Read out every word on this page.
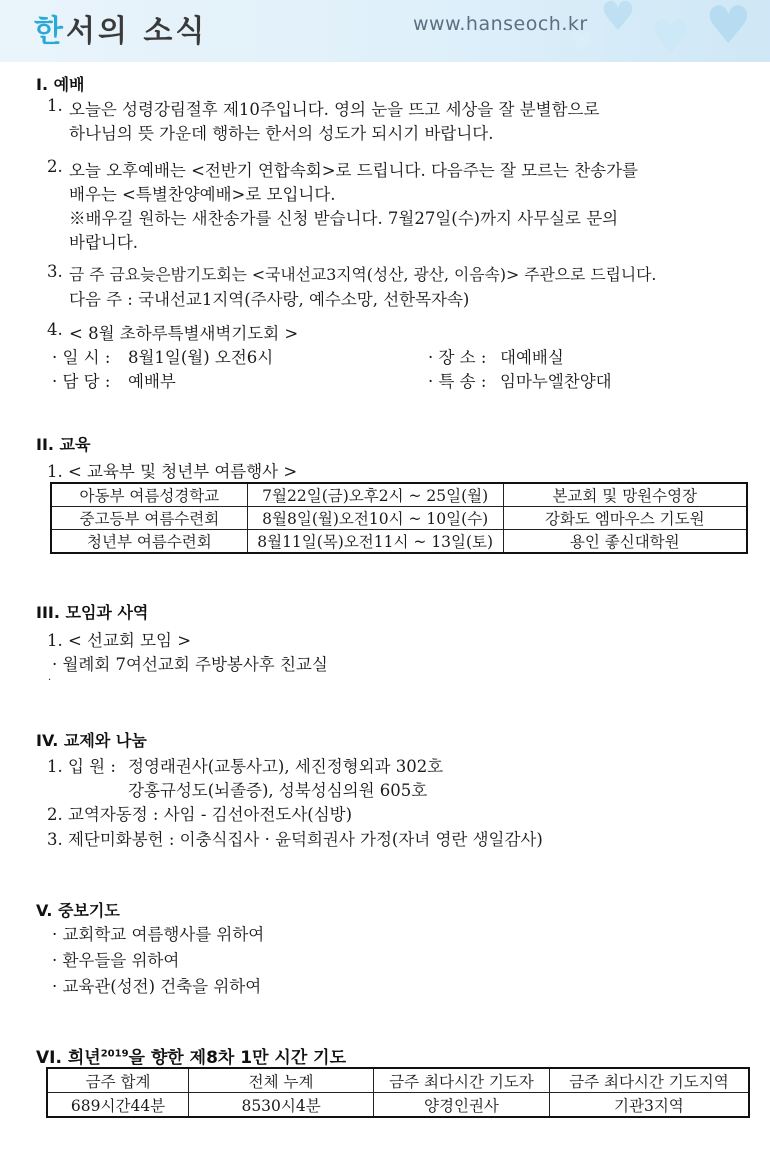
♥ ♥ ♥
♥
한서의 소식	www.hanseoch.kr
I. 예배
1. 오늘은 성령강림절후 제10주입니다. 영의 눈을 뜨고 세상을 잘 분별함으로
하나님의 뜻 가운데 행하는 한서의 성도가 되시기 바랍니다.
2. 오늘 오후예배는 <전반기 연합속회>로 드립니다. 다음주는 잘 모르는 찬송가를
배우는 <특별찬양예배>로 모입니다.
※배우길 원하는 새찬송가를 신청 받습니다. 7월27일(수)까지 사무실로 문의
바랍니다.
3. 금 주 금요늦은밤기도회는 <국내선교3지역(성산, 광산, 이음속)> 주관으로 드립니다.
다음 주 : 국내선교1지역(주사랑, 예수소망, 선한목자속)
4. < 8월 초하루특별새벽기도회 >
· 일 시 : 8월1일(월) 오전6시	· 장 소 : 대예배실
· 담 당 : 예배부	· 특 송 : 임마누엘찬양대
II. 교육
1. < 교육부 및 청년부 여름행사 >
아동부 여름성경학교	7월22일(금)오후2시 ~ 25일(월)	본교회 및 망원수영장
중고등부 여름수련회	8월8일(월)오전10시 ~ 10일(수)	강화도 엠마우스 기도원
청년부 여름수련회	8월11일(목)오전11시 ~ 13일(토)	용인 좋신대학원
III. 모임과 사역
1. < 선교회 모임 >
· 월례회 7여선교회 주방봉사후 친교실
·
IV. 교제와 나눔
1. 입 원 : 정영래권사(교통사고), 세진정형외과 302호
강홍규성도(뇌졸증), 성북성심의원 605호
2. 교역자동정 : 사임 - 김선아전도사(심방)
3. 제단미화봉헌 : 이충식집사 · 윤덕희권사 가정(자녀 영란 생일감사)
V. 중보기도
· 교회학교 여름행사를 위하여
· 환우들을 위하여
· 교육관(성전) 건축을 위하여
VI. 희년$^{2019}$을 향한 제8차 1만 시간 기도
금주 합계	전체 누계	금주 최다시간 기도자	금주 최다시간 기도지역
689시간44분	8530시4분	양경인권사	기관3지역
